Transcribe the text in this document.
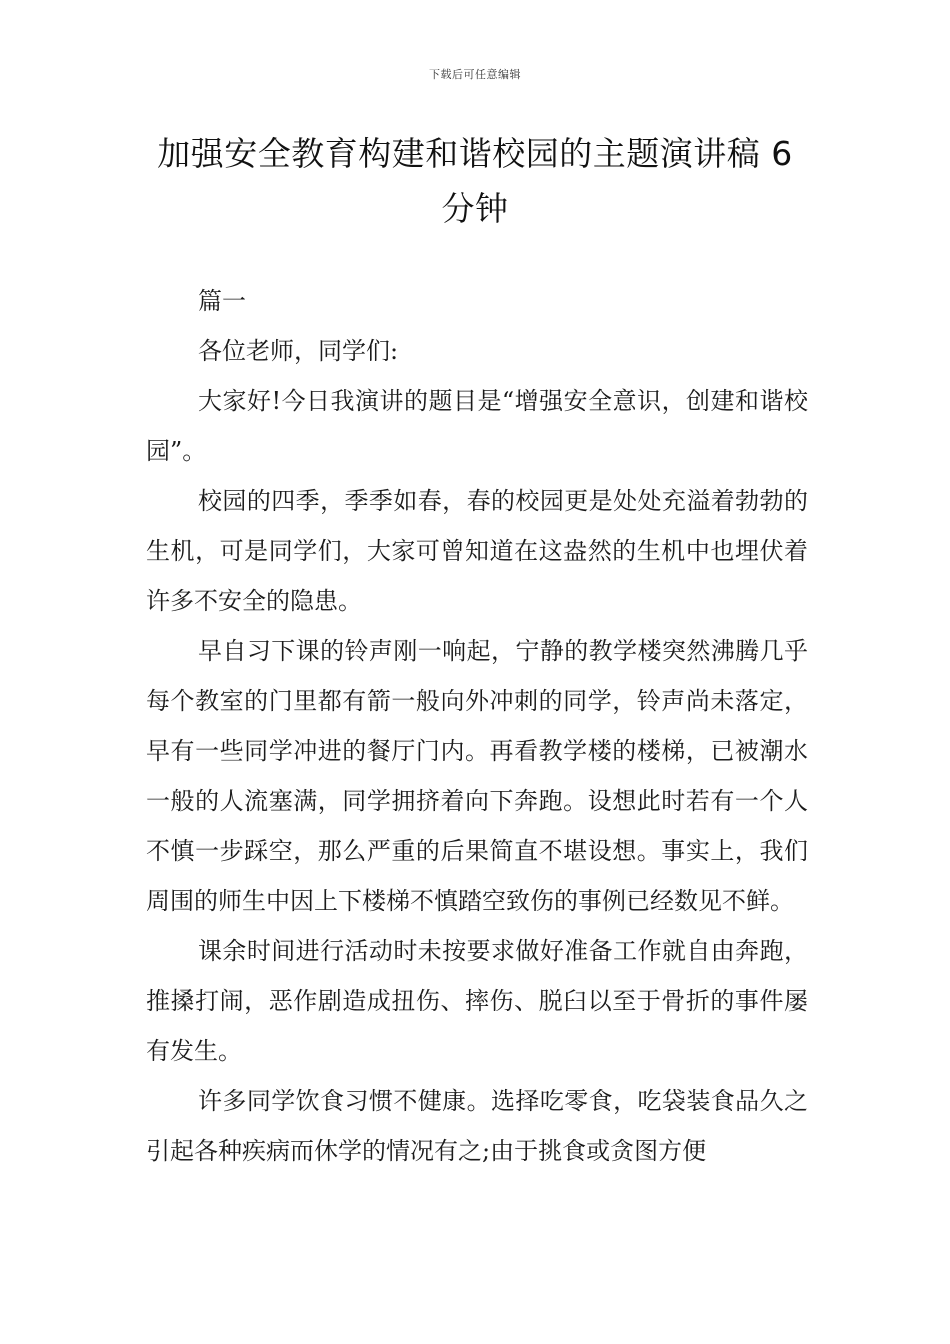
下载后可任意编辑
加强安全教育构建和谐校园的主题演讲稿 6
分钟

篇一

各位老师，同学们:

大家好!今日我演讲的题目是“增强安全意识，创建和谐校园”。

校园的四季，季季如春，春的校园更是处处充溢着勃勃的生机，可是同学们，大家可曾知道在这盎然的生机中也埋伏着许多不安全的隐患。

早自习下课的铃声刚一响起，宁静的教学楼突然沸腾几乎每个教室的门里都有箭一般向外冲刺的同学，铃声尚未落定，早有一些同学冲进的餐厅门内。再看教学楼的楼梯，已被潮水一般的人流塞满，同学拥挤着向下奔跑。设想此时若有一个人不慎一步踩空，那么严重的后果简直不堪设想。事实上，我们周围的师生中因上下楼梯不慎踏空致伤的事例已经数见不鲜。

课余时间进行活动时未按要求做好准备工作就自由奔跑，推搡打闹，恶作剧造成扭伤、摔伤、脱臼以至于骨折的事件屡有发生。

许多同学饮食习惯不健康。选择吃零食，吃袋装食品久之引起各种疾病而休学的情况有之;由于挑食或贪图方便
